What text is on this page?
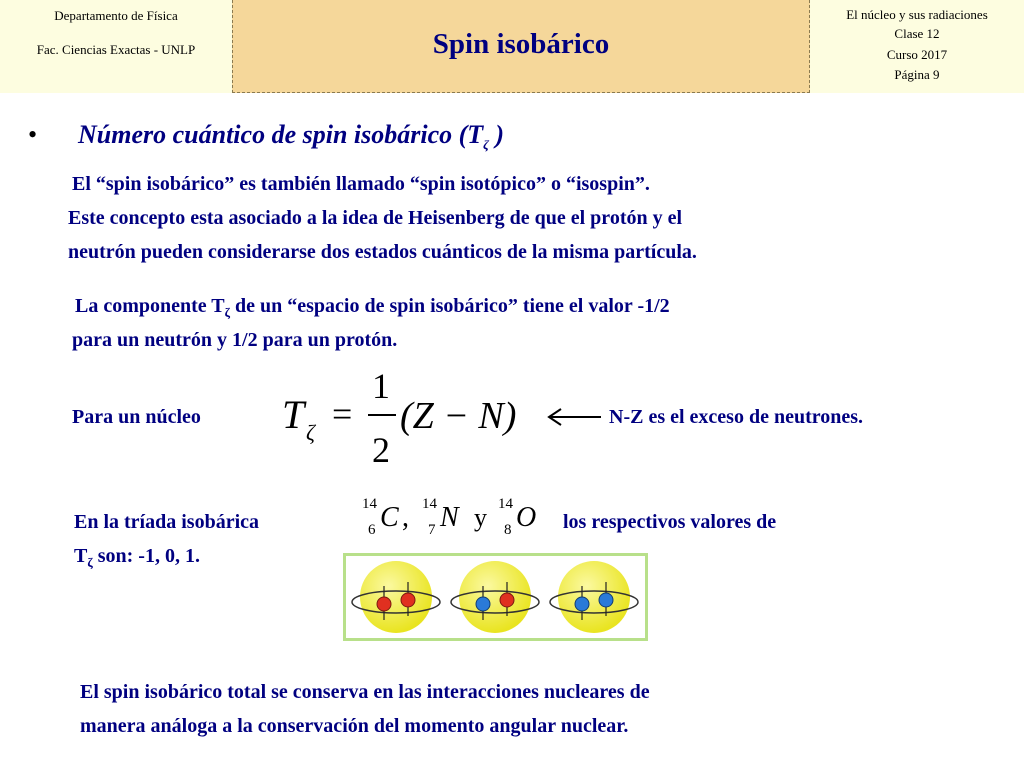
Departamento de Física
Fac. Ciencias Exactas - UNLP	Spin isobárico
El núcleo y sus radiaciones
Clase 12
Curso 2017
Página 9
• Número cuántico de spin isobárico ($T_\zeta$ )
El “spin isobárico” es también llamado “spin isotópico” o “isospin”.
Este concepto esta asociado a la idea de Heisenberg de que el protón y el
neutrón pueden considerarse dos estados cuánticos de la misma partícula.
La componente $T_\zeta$ de un “espacio de spin isobárico” tiene el valor -1/2
para un neutrón y 1/2 para un protón.
Para un núcleo T ζ =
1
2
(Z − N)	N-Z es el exceso de neutrones.
En la tríada isobárica
14
6 C , 14
7 N y 14
8 O los respectivos valores de
$T_\zeta$ son: -1, 0, 1.
El spin isobárico total se conserva en las interacciones nucleares de
manera análoga a la conservación del momento angular nuclear.
